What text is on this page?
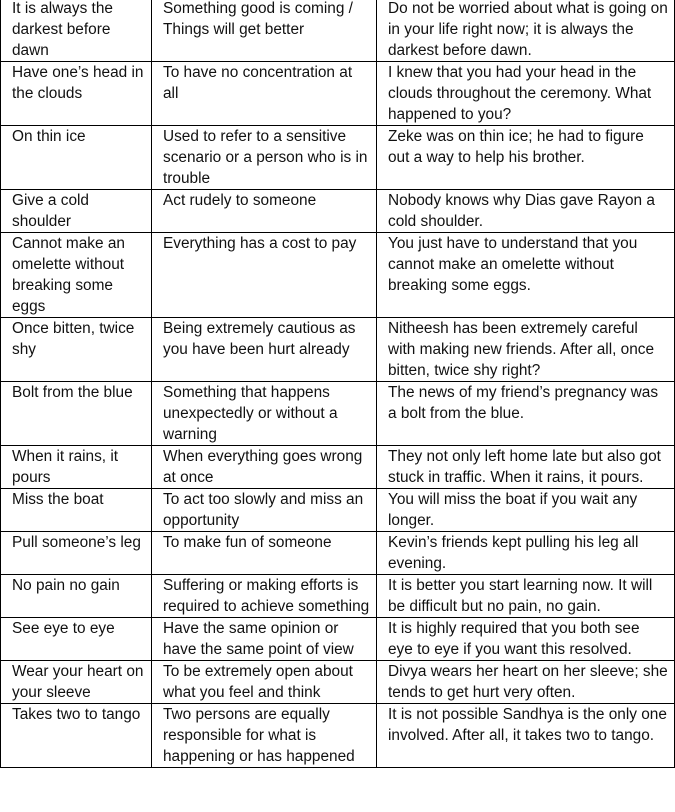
It is always the darkest before dawn	Something good is coming / Things will get better	Do not be worried about what is going on in your life right now; it is always the darkest before dawn.
Have one’s head in the clouds	To have no concentration at all	I knew that you had your head in the clouds throughout the ceremony. What happened to you?
On thin ice	Used to refer to a sensitive scenario or a person who is in trouble	Zeke was on thin ice; he had to figure out a way to help his brother.
Give a cold shoulder	Act rudely to someone	Nobody knows why Dias gave Rayon a cold shoulder.
Cannot make an omelette without breaking some eggs	Everything has a cost to pay	You just have to understand that you cannot make an omelette without breaking some eggs.
Once bitten, twice shy	Being extremely cautious as you have been hurt already	Nitheesh has been extremely careful with making new friends. After all, once bitten, twice shy right?
Bolt from the blue	Something that happens unexpectedly or without a warning	The news of my friend’s pregnancy was a bolt from the blue.
When it rains, it pours	When everything goes wrong at once	They not only left home late but also got stuck in traffic. When it rains, it pours.
Miss the boat	To act too slowly and miss an opportunity	You will miss the boat if you wait any longer.
Pull someone’s leg	To make fun of someone	Kevin’s friends kept pulling his leg all evening.
No pain no gain	Suffering or making efforts is required to achieve something	It is better you start learning now. It will be difficult but no pain, no gain.
See eye to eye	Have the same opinion or have the same point of view	It is highly required that you both see eye to eye if you want this resolved.
Wear your heart on your sleeve	To be extremely open about what you feel and think	Divya wears her heart on her sleeve; she tends to get hurt very often.
Takes two to tango	Two persons are equally responsible for what is happening or has happened	It is not possible Sandhya is the only one involved. After all, it takes two to tango.
